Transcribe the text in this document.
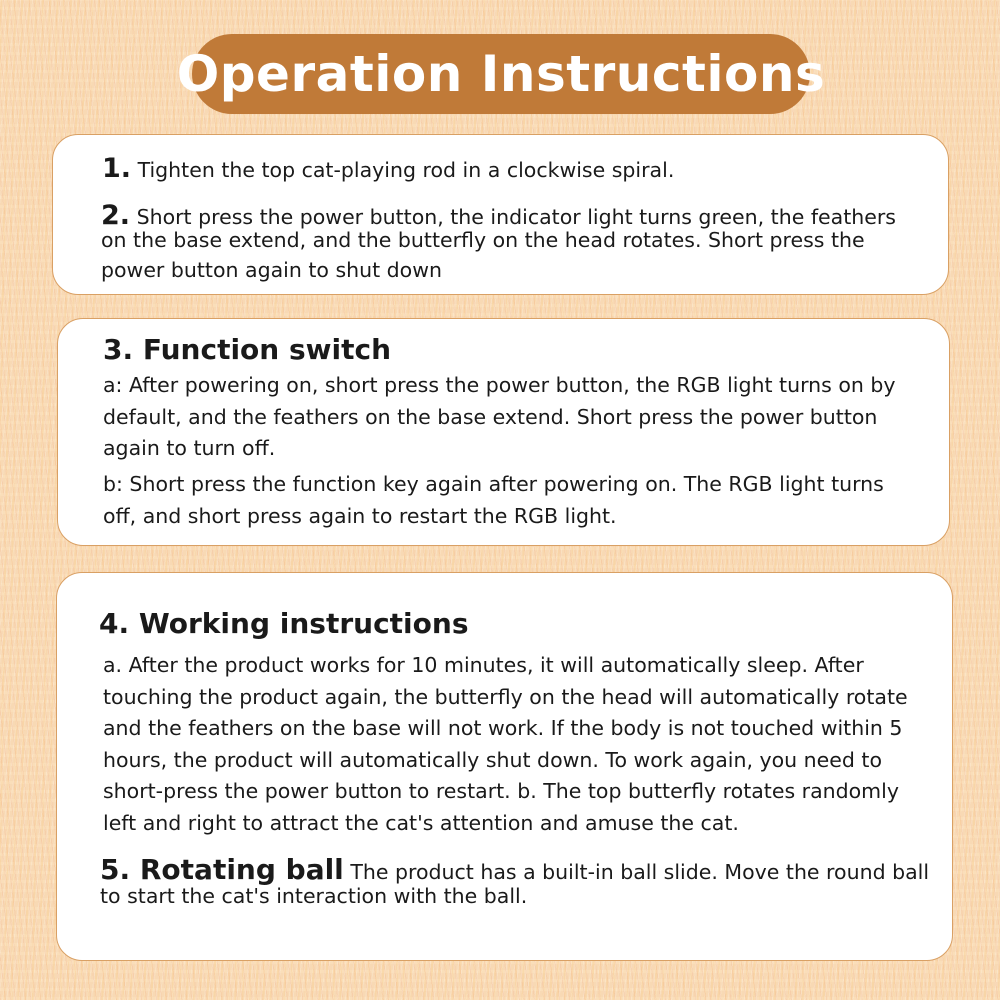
Operation Instructions
1. Tighten the top cat-playing rod in a clockwise spiral.
2. Short press the power button, the indicator light turns green, the feathers
on the base extend, and the butterfly on the head rotates. Short press the
power button again to shut down
3. Function switch
a: After powering on, short press the power button, the RGB light turns on by
default, and the feathers on the base extend. Short press the power button
again to turn off.
b: Short press the function key again after powering on. The RGB light turns
off, and short press again to restart the RGB light.
4. Working instructions
a. After the product works for 10 minutes, it will automatically sleep. After
touching the product again, the butterfly on the head will automatically rotate
and the feathers on the base will not work. If the body is not touched within 5
hours, the product will automatically shut down. To work again, you need to
short-press the power button to restart. b. The top butterfly rotates randomly
left and right to attract the cat's attention and amuse the cat.
5. Rotating ball The product has a built-in ball slide. Move the round ball
to start the cat's interaction with the ball.
